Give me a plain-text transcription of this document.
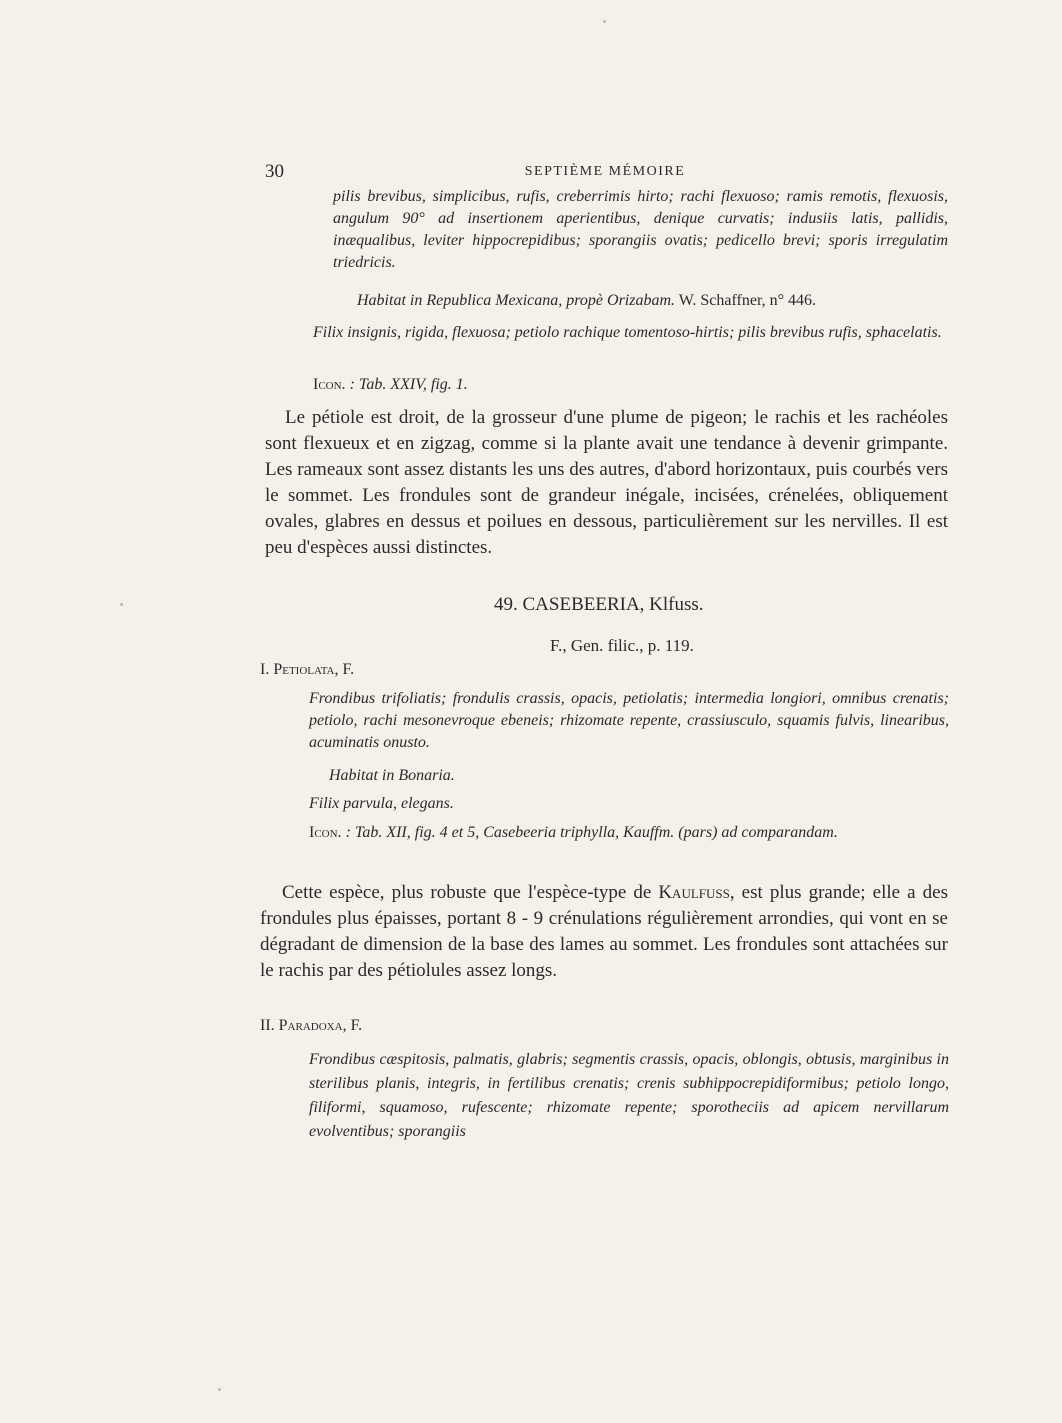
30	SEPTIÈME MÉMOIRE
pilis brevibus, simplicibus, rufis, creberrimis hirto; rachi flexuoso; ramis remotis, flexuosis, angulum 90° ad insertionem aperientibus, denique curvatis; indusiis latis, pallidis, inæqualibus, leviter hippocrepidibus; sporangiis ovatis; pedicello brevi; sporis irregulatim triedricis.
Habitat in Republica Mexicana, propè Orizabam. W. Schaffner, n° 446.
Filix insignis, rigida, flexuosa; petiolo rachique tomentoso-hirtis; pilis brevibus rufis, sphacelatis.
Icon. : Tab. XXIV, fig. 1.
Le pétiole est droit, de la grosseur d'une plume de pigeon; le rachis et les rachéoles sont flexueux et en zigzag, comme si la plante avait une tendance à devenir grimpante. Les rameaux sont assez distants les uns des autres, d'abord horizontaux, puis courbés vers le sommet. Les frondules sont de grandeur inégale, incisées, crénelées, obliquement ovales, glabres en dessus et poilues en dessous, particulièrement sur les nervilles. Il est peu d'espèces aussi distinctes.
49. CASEBEERIA, Klfuss.
F., Gen. filic., p. 119.
I. Petiolata, F.
Frondibus trifoliatis; frondulis crassis, opacis, petiolatis; intermedia longiori, omnibus crenatis; petiolo, rachi mesonevroque ebeneis; rhizomate repente, crassiusculo, squamis fulvis, linearibus, acuminatis onusto.
Habitat in Bonaria.
Filix parvula, elegans.
Icon. : Tab. XII, fig. 4 et 5, Casebeeria triphylla, Kauffm. (pars) ad comparandam.
Cette espèce, plus robuste que l'espèce-type de Kaulfuss, est plus grande; elle a des frondules plus épaisses, portant 8 - 9 crénulations régulièrement arrondies, qui vont en se dégradant de dimension de la base des lames au sommet. Les frondules sont attachées sur le rachis par des pétiolules assez longs.
II. Paradoxa, F.
Frondibus cæspitosis, palmatis, glabris; segmentis crassis, opacis, oblongis, obtusis, marginibus in sterilibus planis, integris, in fertilibus crenatis; crenis subhippocrepidiformibus; petiolo longo, filiformi, squamoso, rufescente; rhizomate repente; sporotheciis ad apicem nervillarum evolventibus; sporangiis
